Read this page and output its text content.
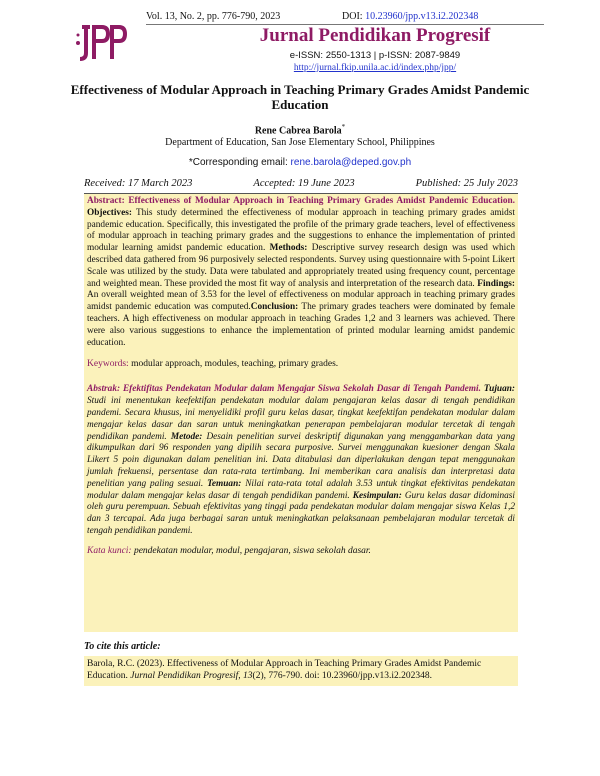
Vol. 13, No. 2, pp. 776-790, 2023	DOI: 10.23960/jpp.v13.i2.202348
Jurnal Pendidikan Progresif
e-ISSN: 2550-1313 | p-ISSN: 2087-9849
http://jurnal.fkip.unila.ac.id/index.php/jpp/
Effectiveness of Modular Approach in Teaching Primary Grades Amidst Pandemic Education
Rene Cabrea Barola*
Department of Education, San Jose Elementary School, Philippines
*Corresponding email: rene.barola@deped.gov.ph
Received: 17 March 2023	Accepted: 19 June 2023	Published: 25 July 2023
Abstract: Effectiveness of Modular Approach in Teaching Primary Grades Amidst Pandemic Education. Objectives: This study determined the effectiveness of modular approach in teaching primary grades amidst pandemic education. Specifically, this investigated the profile of the primary grade teachers, level of effectiveness of modular approach in teaching primary grades and the suggestions to enhance the implementation of printed modular learning amidst pandemic education. Methods: Descriptive survey research design was used which described data gathered from 96 purposively selected respondents. Survey using questionnaire with 5-point Likert Scale was utilized by the study. Data were tabulated and appropriately treated using frequency count, percentage and weighted mean. These provided the most fit way of analysis and interpretation of the research data. Findings: An overall weighted mean of 3.53 for the level of effectiveness on modular approach in teaching primary grades amidst pandemic education was computed.Conclusion: The primary grades teachers were dominated by female teachers. A high effectiveness on modular approach in teaching Grades 1,2 and 3 learners was achieved. There were also various suggestions to enhance the implementation of printed modular learning amidst pandemic education.
Keywords: modular approach, modules, teaching, primary grades.
Abstrak: Efektifitas Pendekatan Modular dalam Mengajar Siswa Sekolah Dasar di Tengah Pandemi. Tujuan: Studi ini menentukan keefektifan pendekatan modular dalam pengajaran kelas dasar di tengah pendidikan pandemi. Secara khusus, ini menyelidiki profil guru kelas dasar, tingkat keefektifan pendekatan modular dalam mengajar kelas dasar dan saran untuk meningkatkan penerapan pembelajaran modular tercetak di tengah pendidikan pandemi. Metode: Desain penelitian survei deskriptif digunakan yang menggambarkan data yang dikumpulkan dari 96 responden yang dipilih secara purposive. Survei menggunakan kuesioner dengan Skala Likert 5 poin digunakan dalam penelitian ini. Data ditabulasi dan diperlakukan dengan tepat menggunakan jumlah frekuensi, persentase dan rata-rata tertimbang. Ini memberikan cara analisis dan interpretasi data penelitian yang paling sesuai. Temuan: Nilai rata-rata total adalah 3.53 untuk tingkat efektivitas pendekatan modular dalam mengajar kelas dasar di tengah pendidikan pandemi. Kesimpulan: Guru kelas dasar didominasi oleh guru perempuan. Sebuah efektivitas yang tinggi pada pendekatan modular dalam mengajar siswa Kelas 1,2 dan 3 tercapai. Ada juga berbagai saran untuk meningkatkan pelaksanaan pembelajaran modular tercetak di tengah pendidikan pandemi.
Kata kunci: pendekatan modular, modul, pengajaran, siswa sekolah dasar.
To cite this article:
Barola, R.C. (2023). Effectiveness of Modular Approach in Teaching Primary Grades Amidst Pandemic Education. Jurnal Pendidikan Progresif, 13(2), 776-790. doi: 10.23960/jpp.v13.i2.202348.
